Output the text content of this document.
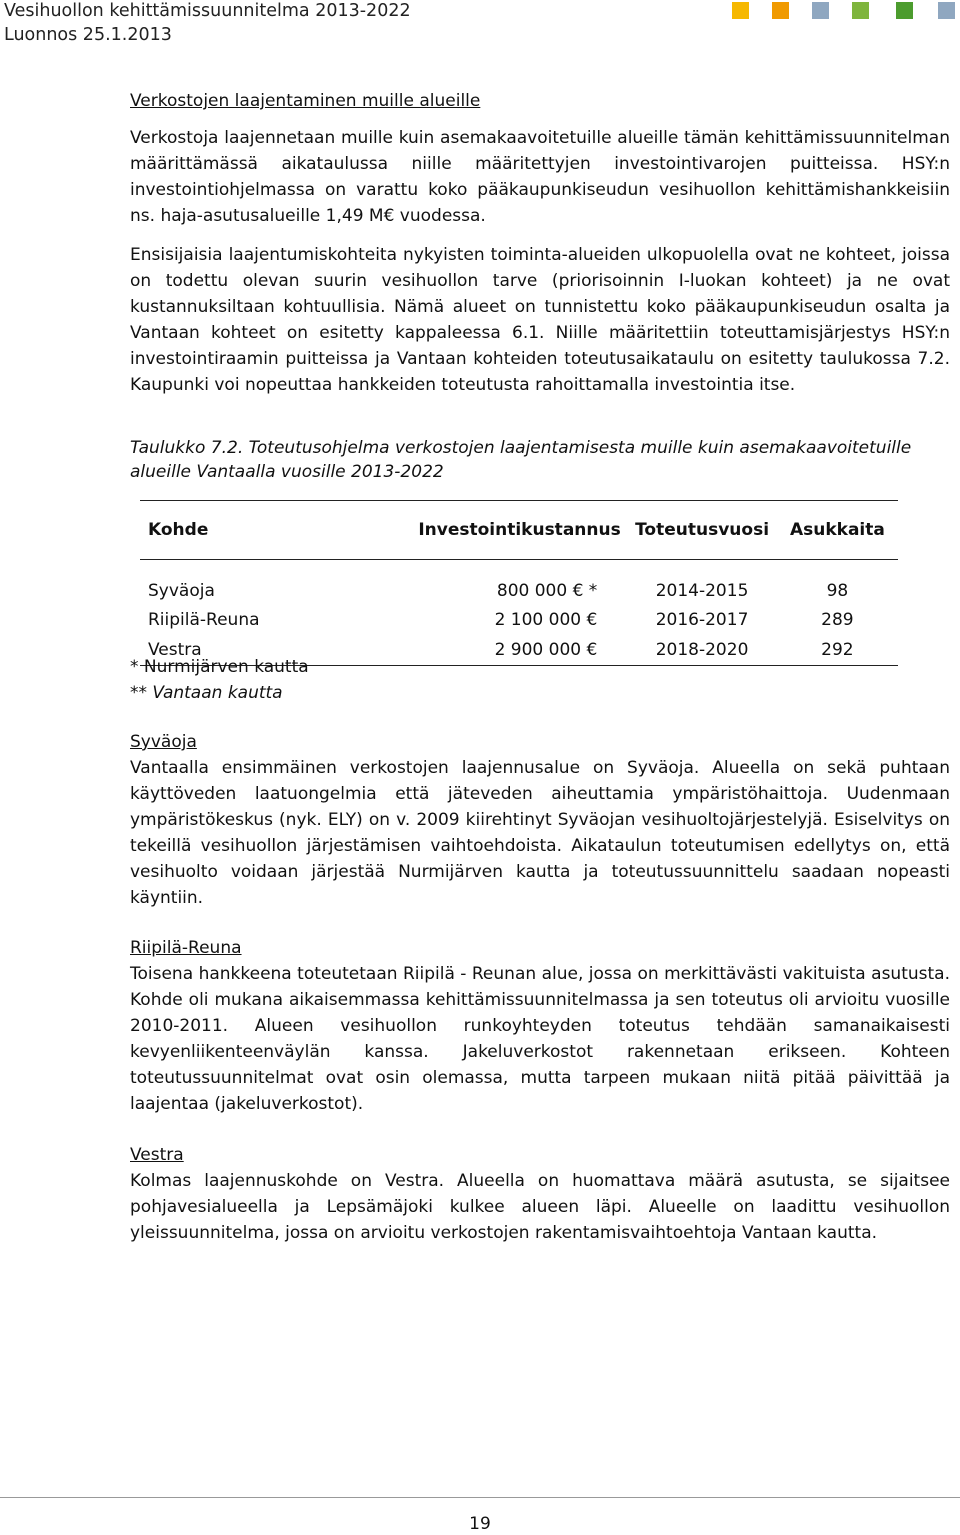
Vesihuollon kehittämissuunnitelma 2013-2022
Luonnos 25.1.2013
Verkostojen laajentaminen muille alueille

Verkostoja laajennetaan muille kuin asemakaavoitetuille alueille tämän kehittämissuunnitelman määrittämässä aikataulussa niille määritettyjen investointivarojen puitteissa. HSY:n investointiohjelmassa on varattu koko pääkaupunkiseudun vesihuollon kehittämishankkeisiin ns. haja-asutusalueille 1,49 M€ vuodessa.

Ensisijaisia laajentumiskohteita nykyisten toiminta-alueiden ulkopuolella ovat ne kohteet, joissa on todettu olevan suurin vesihuollon tarve (priorisoinnin I-luokan kohteet) ja ne ovat kustannuksiltaan kohtuullisia. Nämä alueet on tunnistettu koko pääkaupunkiseudun osalta ja Vantaan kohteet on esitetty kappaleessa 6.1. Niille määritettiin toteuttamisjärjestys HSY:n investointiraamin puitteissa ja Vantaan kohteiden toteutusaikataulu on esitetty taulukossa 7.2. Kaupunki voi nopeuttaa hankkeiden toteutusta rahoittamalla investointia itse.

Taulukko 7.2. Toteutusohjelma verkostojen laajentamisesta muille kuin asemakaavoitetuille alueille Vantaalla vuosille 2013-2022
Kohde	Investointikustannus	Toteutusvuosi	Asukkaita

Syväoja	800 000 € *	2014-2015	98
Riipilä-Reuna	2 100 000 €	2016-2017	289
Vestra	2 900 000 €	2018-2020	292
* Nurmijärven kautta
** Vantaan kautta
Syväoja

Vantaalla ensimmäinen verkostojen laajennusalue on Syväoja. Alueella on sekä puhtaan käyttöveden laatuongelmia että jäteveden aiheuttamia ympäristöhaittoja. Uudenmaan ympäristökeskus (nyk. ELY) on v. 2009 kiirehtinyt Syväojan vesihuoltojärjestelyjä. Esiselvitys on tekeillä vesihuollon järjestämisen vaihtoehdoista. Aikataulun toteutumisen edellytys on, että vesihuolto voidaan järjestää Nurmijärven kautta ja toteutussuunnittelu saadaan nopeasti käyntiin.

Riipilä-Reuna

Toisena hankkeena toteutetaan Riipilä - Reunan alue, jossa on merkittävästi vakituista asutusta. Kohde oli mukana aikaisemmassa kehittämissuunnitelmassa ja sen toteutus oli arvioitu vuosille 2010-2011. Alueen vesihuollon runkoyhteyden toteutus tehdään samanaikaisesti kevyenliikenteenväylän kanssa. Jakeluverkostot rakennetaan erikseen. Kohteen toteutussuunnitelmat ovat osin olemassa, mutta tarpeen mukaan niitä pitää päivittää ja laajentaa (jakeluverkostot).

Vestra

Kolmas laajennuskohde on Vestra. Alueella on huomattava määrä asutusta, se sijaitsee pohjavesialueella ja Lepsämäjoki kulkee alueen läpi. Alueelle on laadittu vesihuollon yleissuunnitelma, jossa on arvioitu verkostojen rakentamisvaihtoehtoja Vantaan kautta.

19
